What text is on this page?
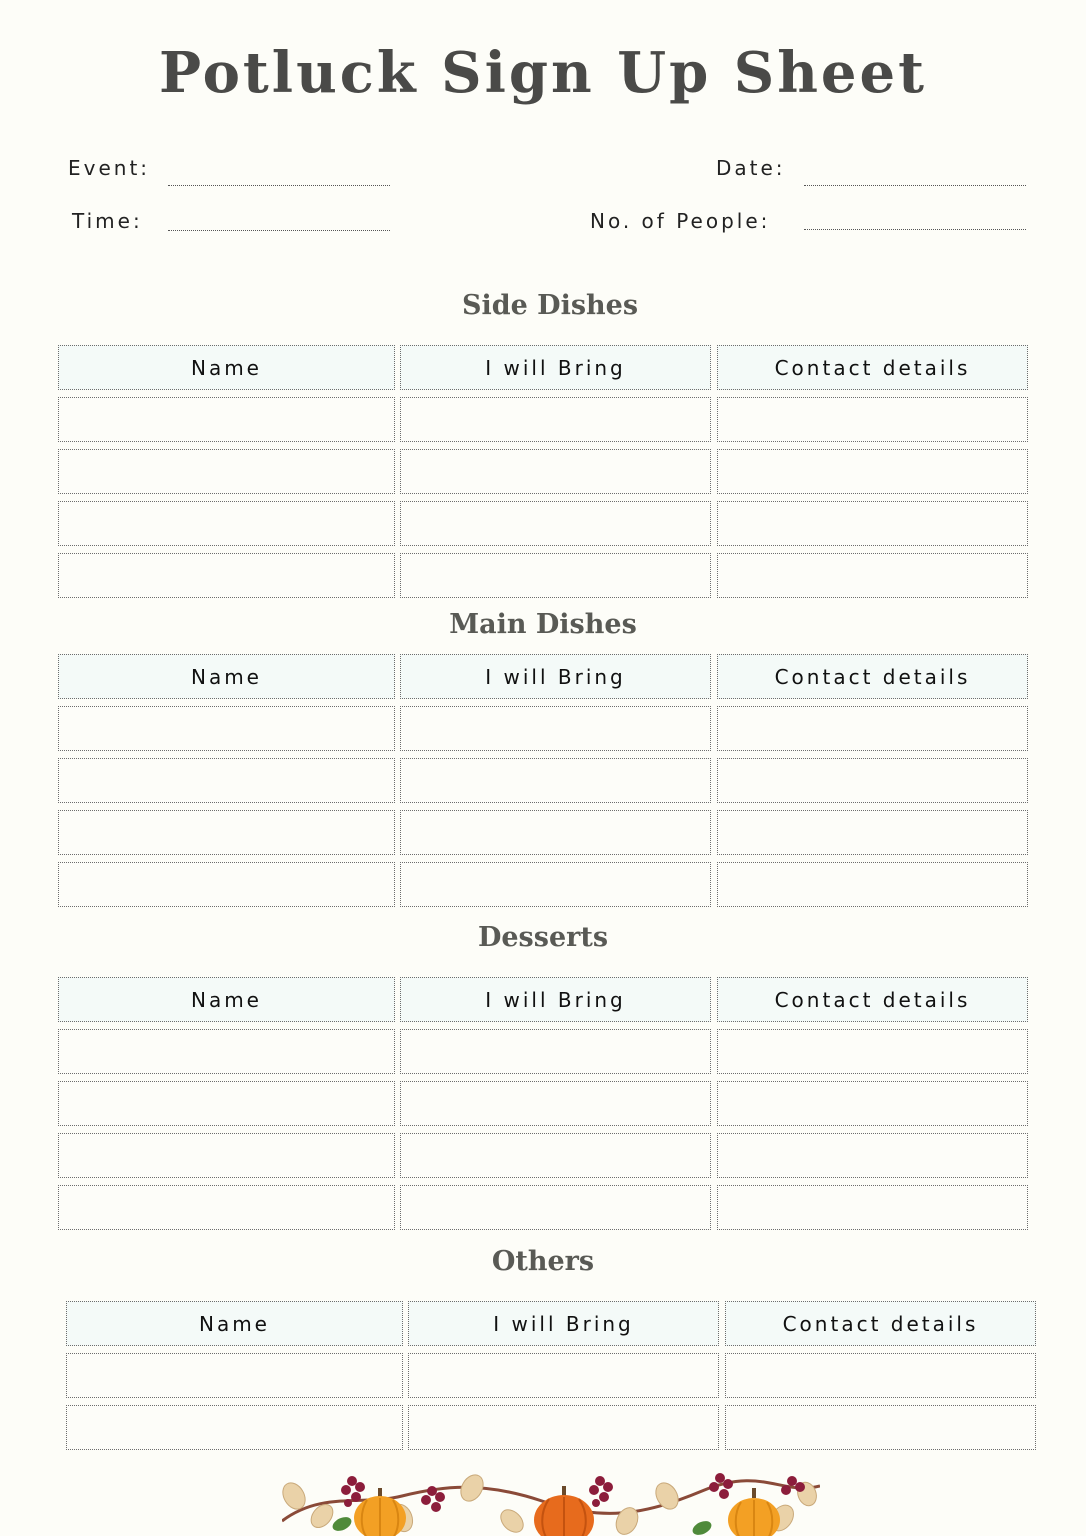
Potluck Sign Up Sheet
Event:	Date:
Time:	No. of People:
Side Dishes
Main Dishes
Desserts
Others
Name	I will Bring	Contact details
Name	I will Bring	Contact details
Name	I will Bring	Contact details
Name	I will Bring	Contact details
